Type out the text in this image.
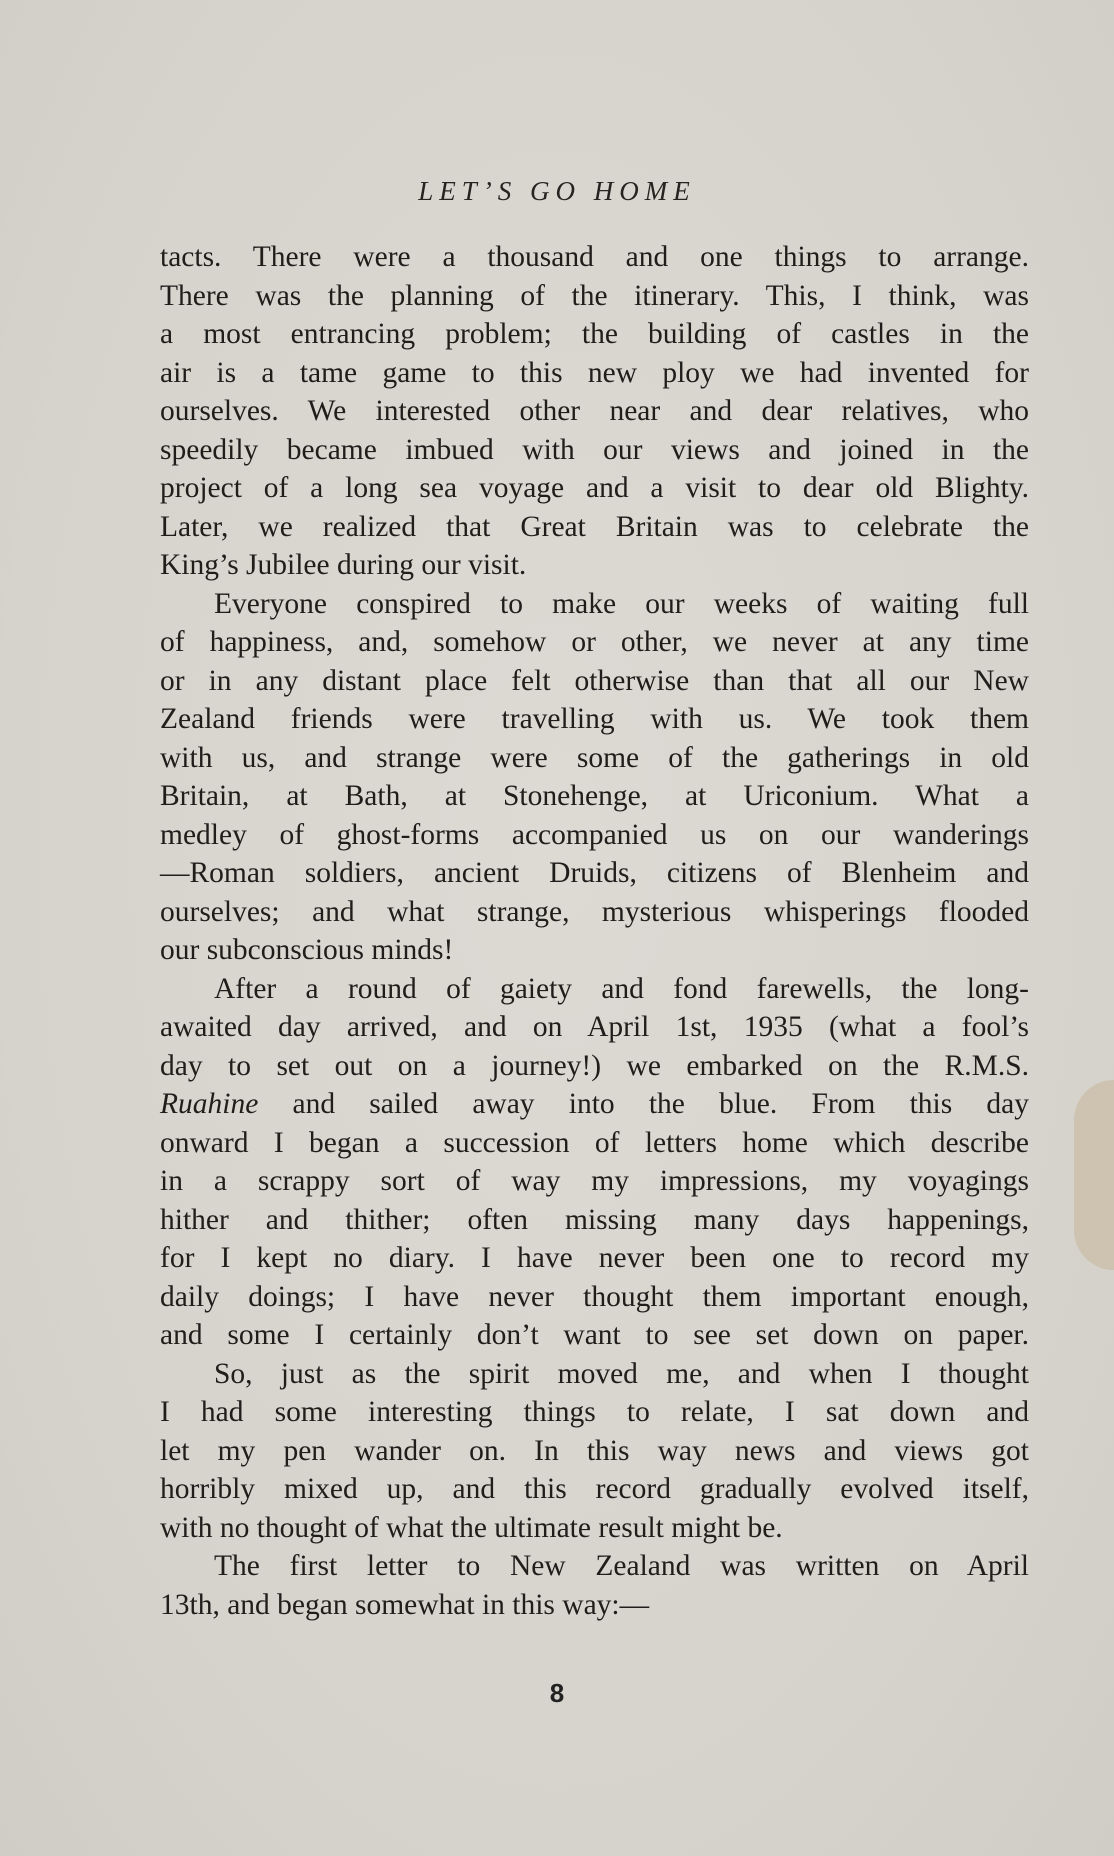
LET’S GO HOME

tacts. There were a thousand and one things to arrange.
There was the planning of the itinerary. This, I think, was
a most entrancing problem; the building of castles in the
air is a tame game to this new ploy we had invented for
ourselves. We interested other near and dear relatives, who
speedily became imbued with our views and joined in the
project of a long sea voyage and a visit to dear old Blighty.
Later, we realized that Great Britain was to celebrate the
King’s Jubilee during our visit.

Everyone conspired to make our weeks of waiting full
of happiness, and, somehow or other, we never at any time
or in any distant place felt otherwise than that all our New
Zealand friends were travelling with us. We took them
with us, and strange were some of the gatherings in old
Britain, at Bath, at Stonehenge, at Uriconium. What a
medley of ghost-forms accompanied us on our wanderings
—Roman soldiers, ancient Druids, citizens of Blenheim and
ourselves; and what strange, mysterious whisperings flooded
our subconscious minds!

After a round of gaiety and fond farewells, the long-
awaited day arrived, and on April 1st, 1935 (what a fool’s
day to set out on a journey!) we embarked on the R.M.S.
Ruahine and sailed away into the blue. From this day
onward I began a succession of letters home which describe
in a scrappy sort of way my impressions, my voyagings
hither and thither; often missing many days happenings,
for I kept no diary. I have never been one to record my
daily doings; I have never thought them important enough,
and some I certainly don’t want to see set down on paper.

So, just as the spirit moved me, and when I thought
I had some interesting things to relate, I sat down and
let my pen wander on. In this way news and views got
horribly mixed up, and this record gradually evolved itself,
with no thought of what the ultimate result might be.

The first letter to New Zealand was written on April
13th, and began somewhat in this way:—

8
